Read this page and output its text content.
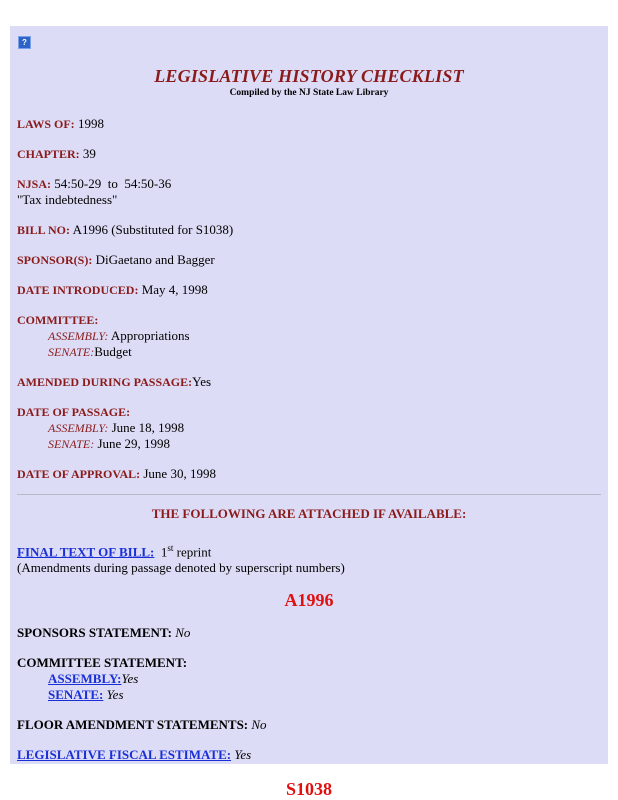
?
LEGISLATIVE HISTORY CHECKLIST
Compiled by the NJ State Law Library
LAWS OF: 1998
CHAPTER: 39
NJSA: 54:50-29  to  54:50-36
"Tax indebtedness"
BILL NO: A1996 (Substituted for S1038)
SPONSOR(S): DiGaetano and Bagger
DATE INTRODUCED: May 4, 1998
COMMITTEE:

ASSEMBLY: Appropriations
SENATE:Budget
AMENDED DURING PASSAGE:Yes
DATE OF PASSAGE:

ASSEMBLY: June 18, 1998
SENATE: June 29, 1998
DATE OF APPROVAL: June 30, 1998
THE FOLLOWING ARE ATTACHED IF AVAILABLE:
FINAL TEXT OF BILL: 1st reprint
(Amendments during passage denoted by superscript numbers)
A1996
SPONSORS STATEMENT: No
COMMITTEE STATEMENT:

ASSEMBLY:Yes
SENATE: Yes
FLOOR AMENDMENT STATEMENTS: No
LEGISLATIVE FISCAL ESTIMATE: Yes
S1038
